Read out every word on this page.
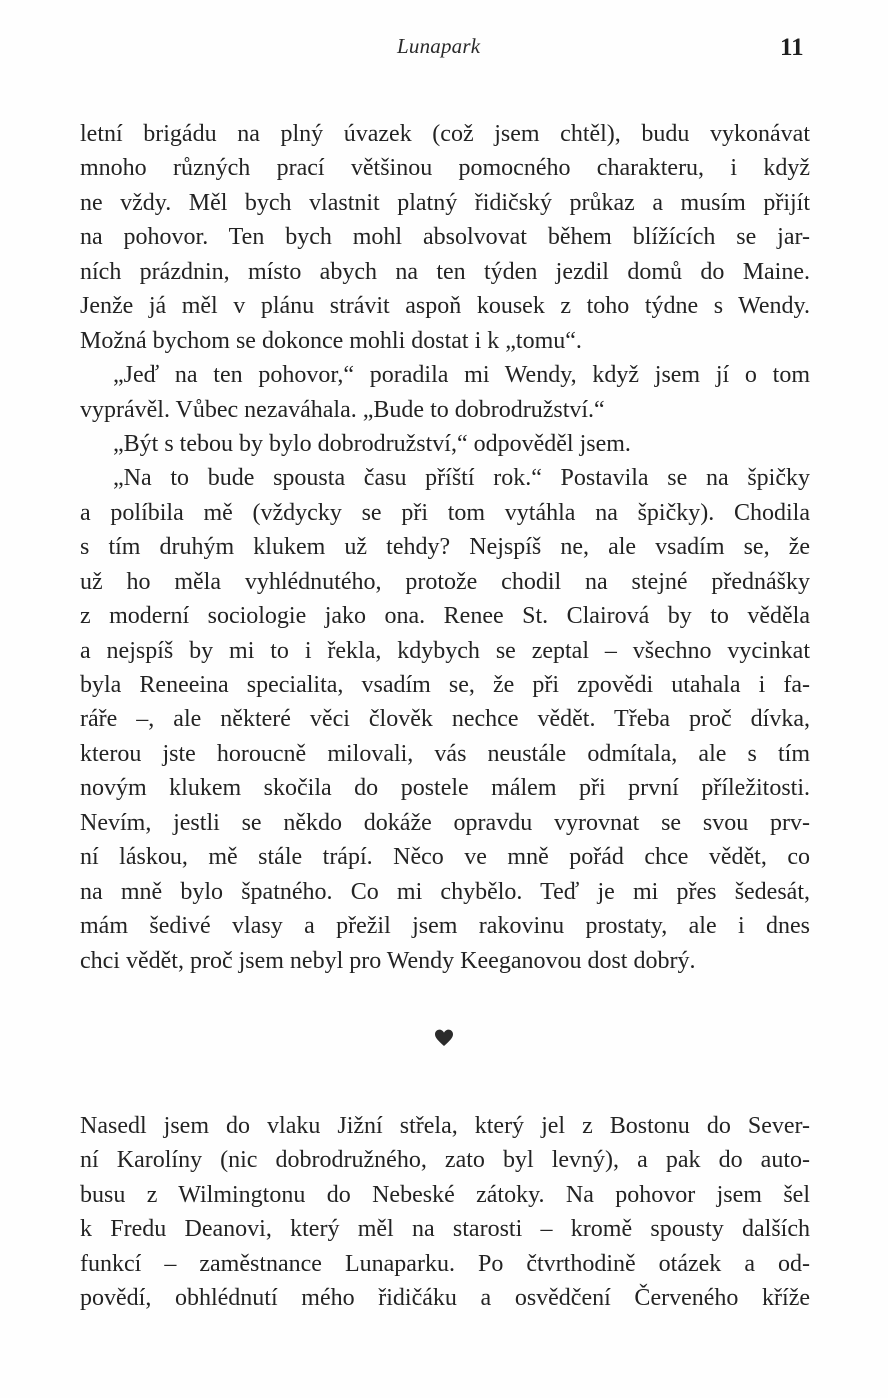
Lunapark	11
letní brigádu na plný úvazek (což jsem chtěl), budu vykonávat
mnoho různých prací většinou pomocného charakteru, i když
ne vždy. Měl bych vlastnit platný řidičský průkaz a musím přijít
na pohovor. Ten bych mohl absolvovat během blížících se jar-
ních prázdnin, místo abych na ten týden jezdil domů do Maine.
Jenže já měl v plánu strávit aspoň kousek z toho týdne s Wendy.
Možná bychom se dokonce mohli dostat i k „tomu“.
„Jeď na ten pohovor,“ poradila mi Wendy, když jsem jí o tom
vyprávěl. Vůbec nezaváhala. „Bude to dobrodružství.“
„Být s tebou by bylo dobrodružství,“ odpověděl jsem.
„Na to bude spousta času příští rok.“ Postavila se na špičky
a políbila mě (vždycky se při tom vytáhla na špičky). Chodila
s tím druhým klukem už tehdy? Nejspíš ne, ale vsadím se, že
už ho měla vyhlédnutého, protože chodil na stejné přednášky
z moderní sociologie jako ona. Renee St. Clairová by to věděla
a nejspíš by mi to i řekla, kdybych se zeptal – všechno vycinkat
byla Reneeina specialita, vsadím se, že při zpovědi utahala i fa-
ráře –, ale některé věci člověk nechce vědět. Třeba proč dívka,
kterou jste horoucně milovali, vás neustále odmítala, ale s tím
novým klukem skočila do postele málem při první příležitosti.
Nevím, jestli se někdo dokáže opravdu vyrovnat se svou prv-
ní láskou, mě stále trápí. Něco ve mně pořád chce vědět, co
na mně bylo špatného. Co mi chybělo. Teď je mi přes šedesát,
mám šedivé vlasy a přežil jsem rakovinu prostaty, ale i dnes
chci vědět, proč jsem nebyl pro Wendy Keeganovou dost dobrý.
Nasedl jsem do vlaku Jižní střela, který jel z Bostonu do Sever-
ní Karolíny (nic dobrodružného, zato byl levný), a pak do auto-
busu z Wilmingtonu do Nebeské zátoky. Na pohovor jsem šel
k Fredu Deanovi, který měl na starosti – kromě spousty dalších
funkcí – zaměstnance Lunaparku. Po čtvrthodině otázek a od-
povědí, obhlédnutí mého řidičáku a osvědčení Červeného kříže
